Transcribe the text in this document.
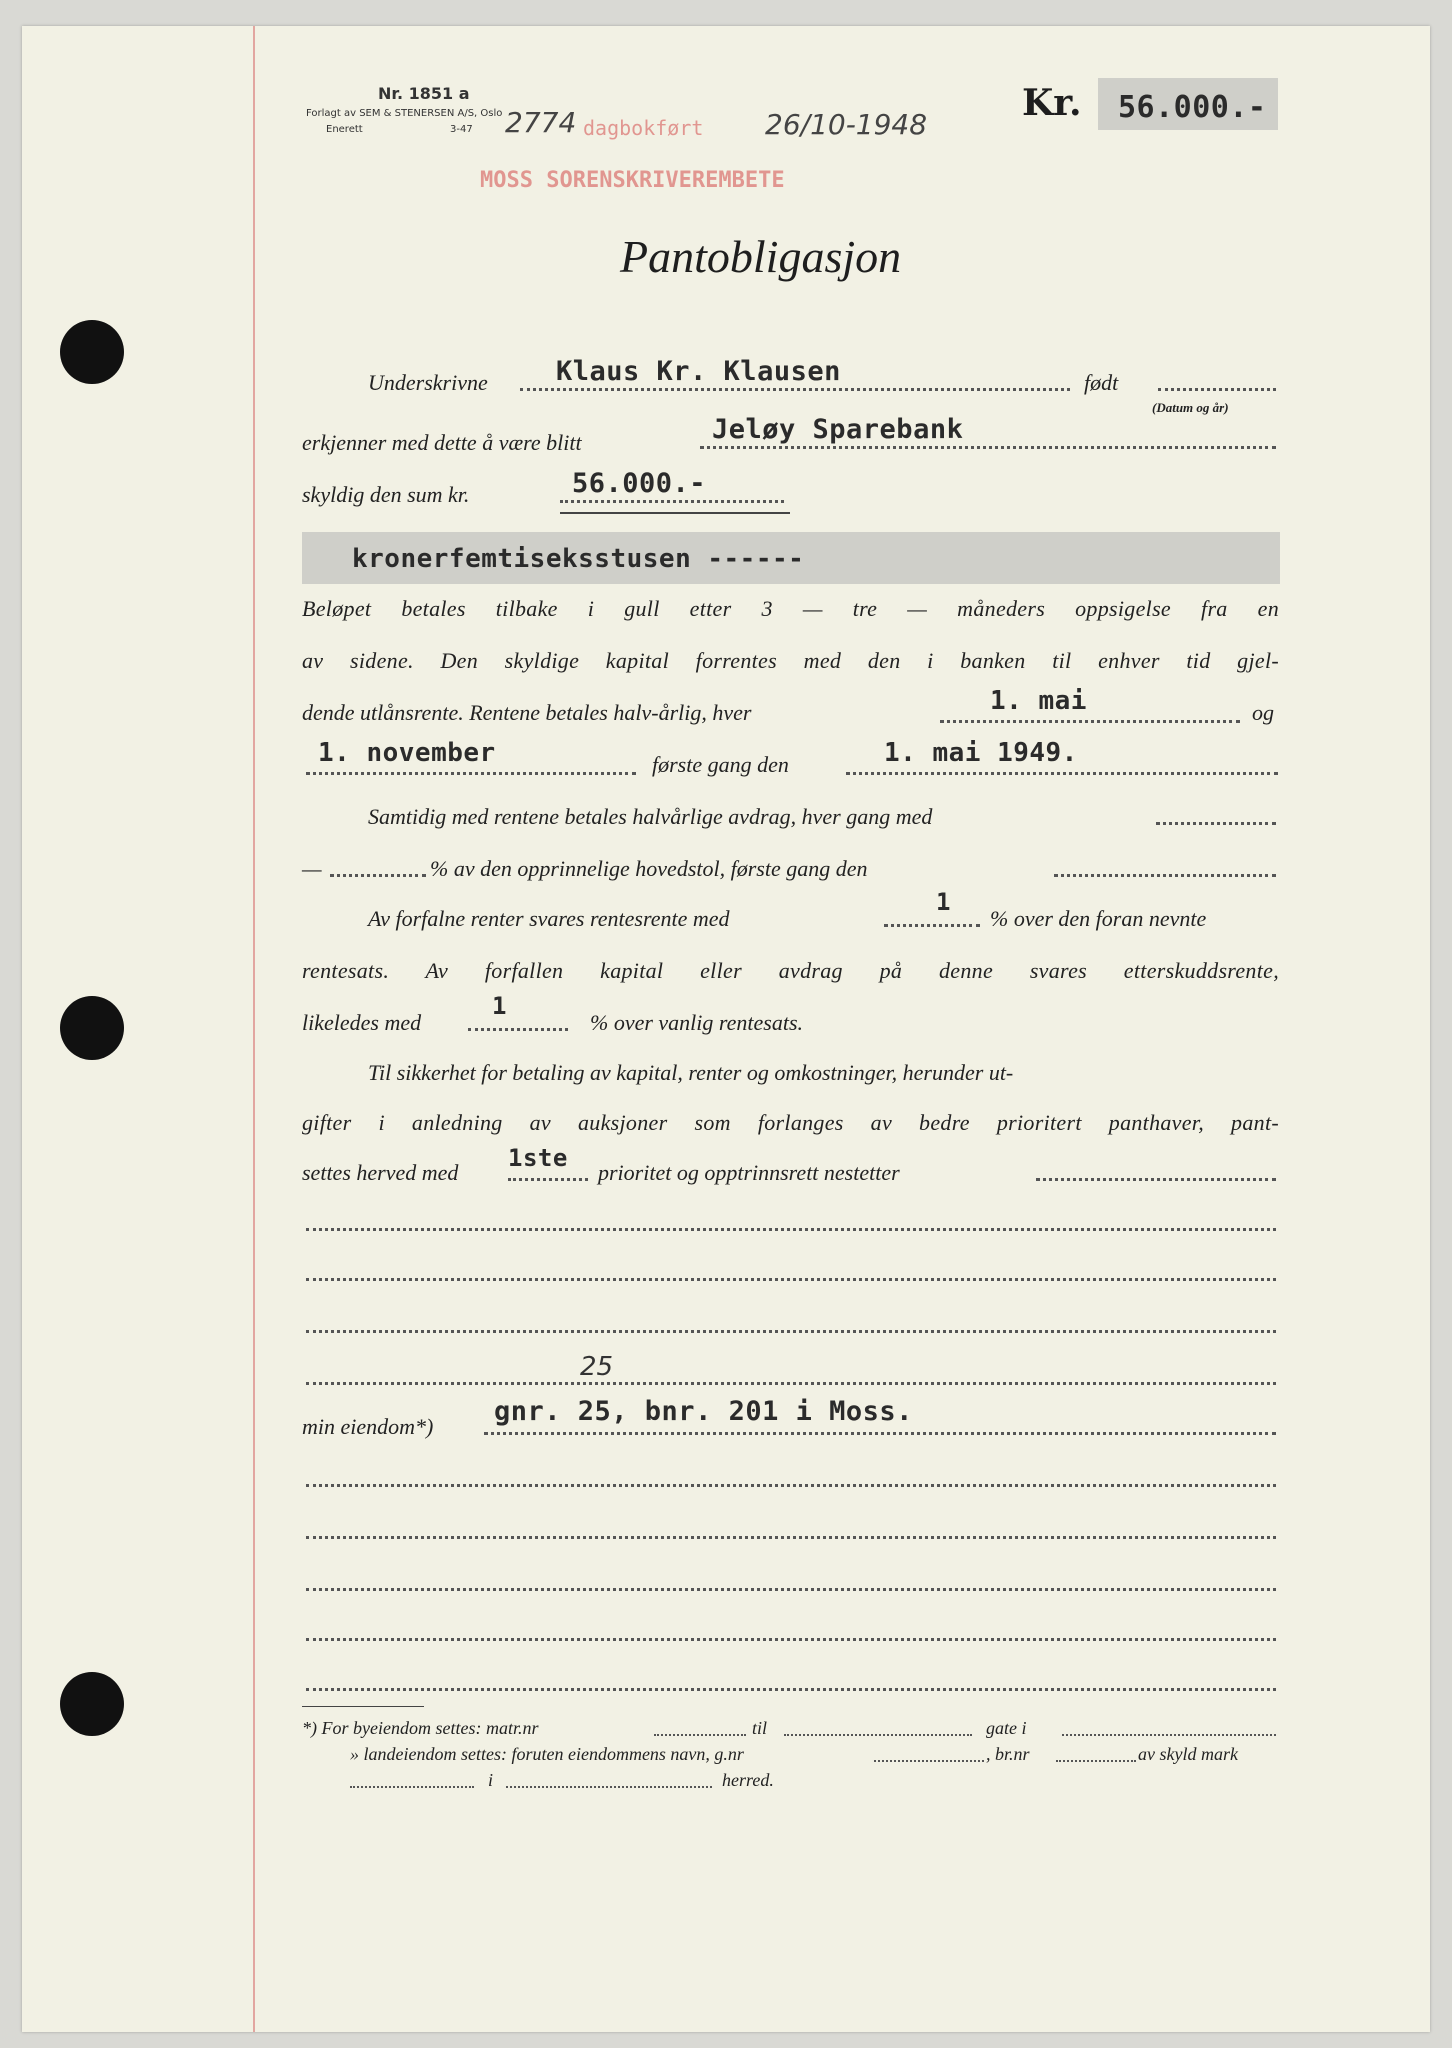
Nr. 1851 a
Forlagt av SEM & STENERSEN A/S, Oslo
Enerett	3-47 2774 dagbokført 26/10-1948
MOSS SORENSKRIVEREMBETE
Kr. 56.000.-
Pantobligasjon
Underskrivne	Klaus Kr. Klausen	født
(Datum og år)
erkjenner med dette å være blitt	Jeløy Sparebank
skyldig den sum kr.	56.000.-
kronerfemtiseksstusen ------
Beløpet betales tilbake i gull etter 3 — tre — måneders oppsigelse fra en
av sidene. Den skyldige kapital forrentes med den i banken til enhver tid gjel-
dende utlånsrente. Rentene betales halv-årlig, hver	1. mai	og
1. november	første gang den	1. mai 1949.
Samtidig med rentene betales halvårlige avdrag, hver gang med
—	% av den opprinnelige hovedstol, første gang den
Av forfalne renter svares rentesrente med
1
% over den foran nevnte
rentesats. Av forfallen kapital eller avdrag på denne svares etterskuddsrente,
likeledes med
1
% over vanlig rentesats.
Til sikkerhet for betaling av kapital, renter og omkostninger, herunder ut-
gifter i anledning av auksjoner som forlanges av bedre prioritert panthaver, pant-
settes herved med
1ste
prioritet og opptrinnsrett nestetter
25
min eiendom*) gnr. 25, bnr. 201 i Moss.
*) For byeiendom settes: matr.nr	til	gate i
» landeiendom settes: foruten eiendommens navn, g.nr	, br.nr	av skyld mark
i	herred.
